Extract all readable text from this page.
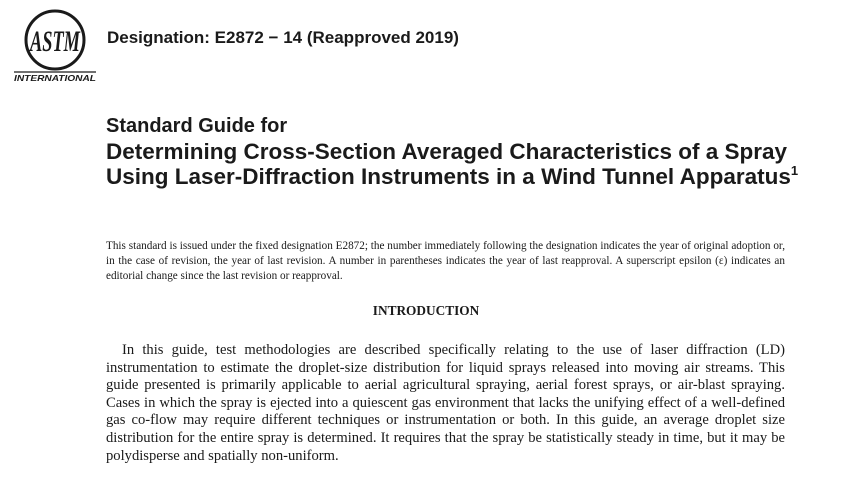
ASTM
INTERNATIONAL
Designation: E2872 − 14 (Reapproved 2019)
Standard Guide for
Determining Cross-Section Averaged Characteristics of a Spray Using Laser-Diffraction Instruments in a Wind Tunnel Apparatus$^1$
This standard is issued under the fixed designation E2872; the number immediately following the designation indicates the year of original adoption or, in the case of revision, the year of last revision. A number in parentheses indicates the year of last reapproval. A superscript epsilon (ε) indicates an editorial change since the last revision or reapproval.
INTRODUCTION
In this guide, test methodologies are described specifically relating to the use of laser diffraction (LD) instrumentation to estimate the droplet-size distribution for liquid sprays released into moving air streams. This guide presented is primarily applicable to aerial agricultural spraying, aerial forest sprays, or air-blast spraying. Cases in which the spray is ejected into a quiescent gas environment that lacks the unifying effect of a well-defined gas co-flow may require different techniques or instrumentation or both. In this guide, an average droplet size distribution for the entire spray is determined. It requires that the spray be statistically steady in time, but it may be polydisperse and spatially non-uniform.
